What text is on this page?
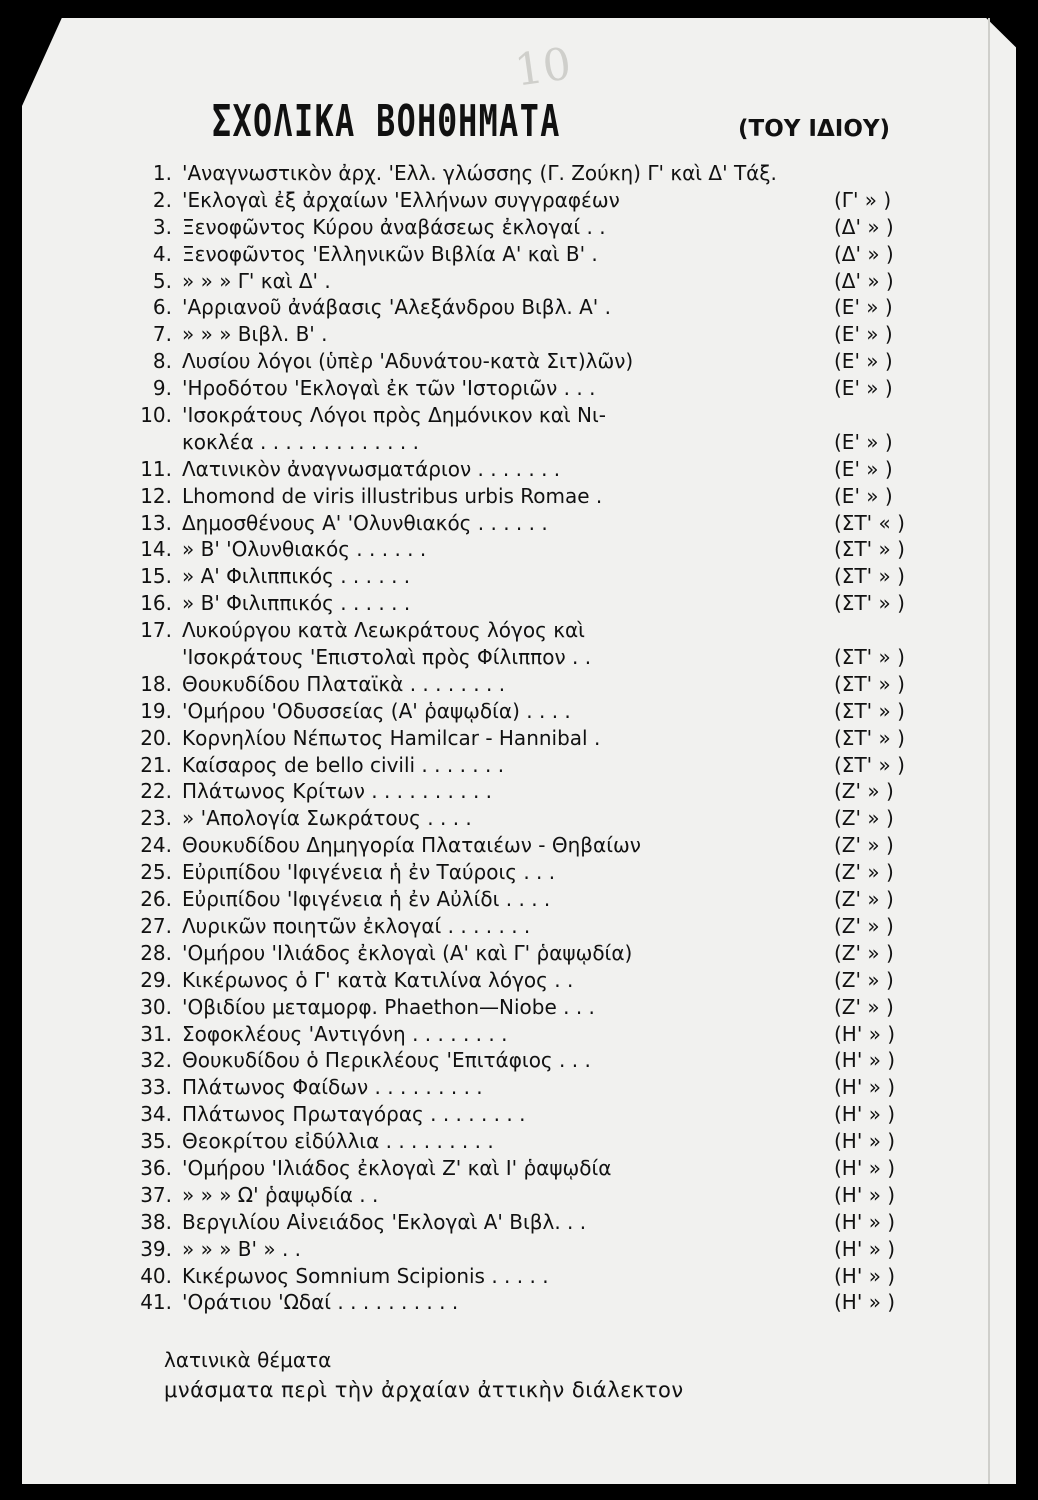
10
ΣΧΟΛΙΚΑ ΒΟΗΘΗΜΑΤΑ	(ΤΟΥ ΙΔΙΟΥ)
1. 'Αναγνωστικὸν ἀρχ. 'Ελλ. γλώσσης (Γ. Ζούκη) Γ' καὶ Δ' Τάξ.
2. 'Εκλογαὶ ἐξ ἀρχαίων 'Ελλήνων συγγραφέων	(Γ' » )
3. Ξενοφῶντος Κύρου ἀναβάσεως ἐκλογαί . .	(Δ' » )
4. Ξενοφῶντος 'Ελληνικῶν Βιβλία Α' καὶ Β' .	(Δ' » )
5. » » » Γ' καὶ Δ' .	(Δ' » )
6. 'Αρριανοῦ ἀνάβασις 'Αλεξάνδρου Βιβλ. Α' .	(Ε' » )
7. » » » Βιβλ. Β' .	(Ε' » )
8. Λυσίου λόγοι (ὑπὲρ 'Αδυνάτου-κατὰ Σιτ)λῶν)	(Ε' » )
9. 'Ηροδότου 'Εκλογαὶ ἐκ τῶν 'Ιστοριῶν . . .	(Ε' » )
10. 'Ισοκράτους Λόγοι πρὸς Δημόνικον καὶ Νι-
κοκλέα . . . . . . . . . . . . .	(Ε' » )
11. Λατινικὸν ἀναγνωσματάριον . . . . . . .	(Ε' » )
12. Lhomond de viris illustribus urbis Romae .	(Ε' » )
13. Δημοσθένους Α' 'Ολυνθιακός . . . . . .	(ΣΤ' « )
14. » Β' 'Ολυνθιακός . . . . . .	(ΣΤ' » )
15. » Α' Φιλιππικός . . . . . .	(ΣΤ' » )
16. » Β' Φιλιππικός . . . . . .	(ΣΤ' » )
17. Λυκούργου κατὰ Λεωκράτους λόγος καὶ
'Ισοκράτους 'Επιστολαὶ πρὸς Φίλιππον . .	(ΣΤ' » )
18. Θουκυδίδου Πλαταϊκὰ . . . . . . . .	(ΣΤ' » )
19. 'Ομήρου 'Οδυσσείας (Α' ῥαψῳδία) . . . .	(ΣΤ' » )
20. Κορνηλίου Νέπωτος Hamilcar - Hannibal .	(ΣΤ' » )
21. Καίσαρος de bello civili . . . . . . .	(ΣΤ' » )
22. Πλάτωνος Κρίτων . . . . . . . . . .	(Ζ' » )
23. » 'Απολογία Σωκράτους . . . .	(Ζ' » )
24. Θουκυδίδου Δημηγορία Πλαταιέων - Θηβαίων	(Ζ' » )
25. Εὐριπίδου 'Ιφιγένεια ἡ ἐν Ταύροις . . .	(Ζ' » )
26. Εὐριπίδου 'Ιφιγένεια ἡ ἐν Αὐλίδι . . . .	(Ζ' » )
27. Λυρικῶν ποιητῶν ἐκλογαί . . . . . . .	(Ζ' » )
28. 'Ομήρου 'Ιλιάδος ἐκλογαὶ (Α' καὶ Γ' ῥαψῳδία)	(Ζ' » )
29. Κικέρωνος ὁ Γ' κατὰ Κατιλίνα λόγος . .	(Ζ' » )
30. 'Οβιδίου μεταμορφ. Phaethon—Niobe . . .	(Ζ' » )
31. Σοφοκλέους 'Αντιγόνη . . . . . . . .	(Η' » )
32. Θουκυδίδου ὁ Περικλέους 'Επιτάφιος . . .	(Η' » )
33. Πλάτωνος Φαίδων . . . . . . . . .	(Η' » )
34. Πλάτωνος Πρωταγόρας . . . . . . . .	(Η' » )
35. Θεοκρίτου εἰδύλλια . . . . . . . . .	(Η' » )
36. 'Ομήρου 'Ιλιάδος ἐκλογαὶ Ζ' καὶ Ι' ῥαψῳδία	(Η' » )
37. » » » Ω' ῥαψῳδία . .	(Η' » )
38. Βεργιλίου Αἰνειάδος 'Εκλογαὶ Α' Βιβλ. . .	(Η' » )
39. » » » Β' » . .	(Η' » )
40. Κικέρωνος Somnium Scipionis . . . . .	(Η' » )
41. 'Οράτιου 'Ωδαί . . . . . . . . . .	(Η' » )
λατινικὰ θέματα
μνάσματα περὶ τὴν ἀρχαίαν ἀττικὴν διάλεκτον
